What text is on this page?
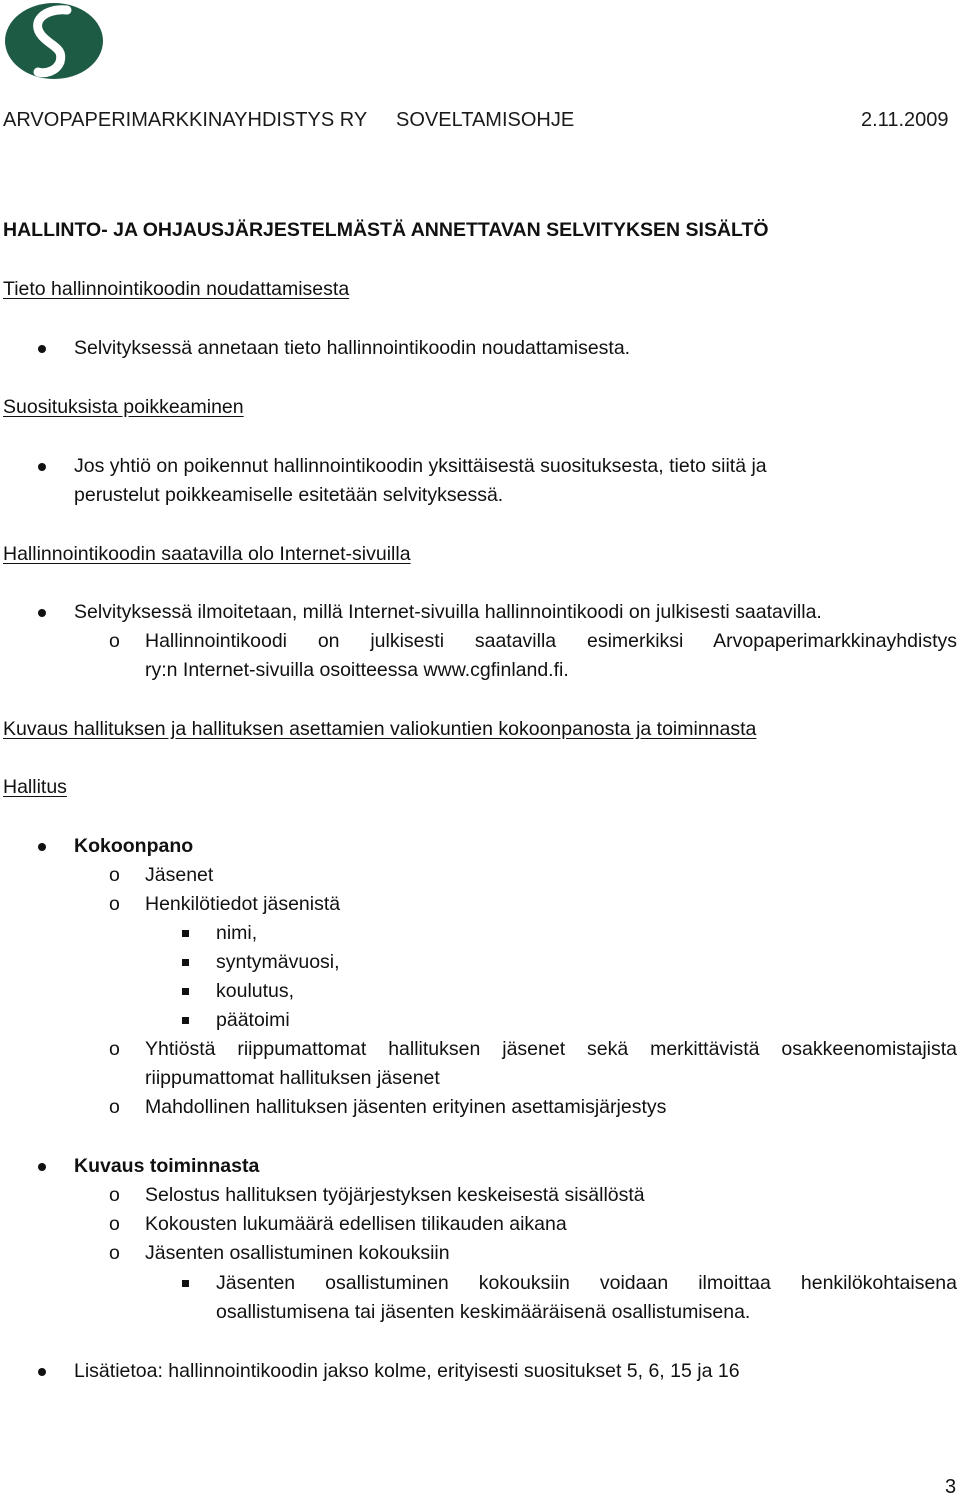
ARVOPAPERIMARKKINAYHDISTYS RY SOVELTAMISOHJE	2.11.2009
HALLINTO- JA OHJAUSJÄRJESTELMÄSTÄ ANNETTAVAN SELVITYKSEN SISÄLTÖ
Tieto hallinnointikoodin noudattamisesta
Selvityksessä annetaan tieto hallinnointikoodin noudattamisesta.
Suosituksista poikkeaminen
Jos yhtiö on poikennut hallinnointikoodin yksittäisestä suosituksesta, tieto siitä ja
perustelut poikkeamiselle esitetään selvityksessä.
Hallinnointikoodin saatavilla olo Internet-sivuilla
Selvityksessä ilmoitetaan, millä Internet-sivuilla hallinnointikoodi on julkisesti saatavilla.
o Hallinnointikoodi on julkisesti saatavilla esimerkiksi Arvopaperimarkkinayhdistys
ry:n Internet-sivuilla osoitteessa www.cgfinland.fi.
Kuvaus hallituksen ja hallituksen asettamien valiokuntien kokoonpanosta ja toiminnasta
Hallitus
Kokoonpano
o Jäsenet
o Henkilötiedot jäsenistä
nimi,
syntymävuosi,
koulutus,
päätoimi
o Yhtiöstä riippumattomat hallituksen jäsenet sekä merkittävistä osakkeenomistajista
riippumattomat hallituksen jäsenet
o Mahdollinen hallituksen jäsenten erityinen asettamisjärjestys
Kuvaus toiminnasta
o Selostus hallituksen työjärjestyksen keskeisestä sisällöstä
o Kokousten lukumäärä edellisen tilikauden aikana
o Jäsenten osallistuminen kokouksiin
Jäsenten osallistuminen kokouksiin voidaan ilmoittaa henkilökohtaisena
osallistumisena tai jäsenten keskimääräisenä osallistumisena.
Lisätietoa: hallinnointikoodin jakso kolme, erityisesti suositukset 5, 6, 15 ja 16
3
